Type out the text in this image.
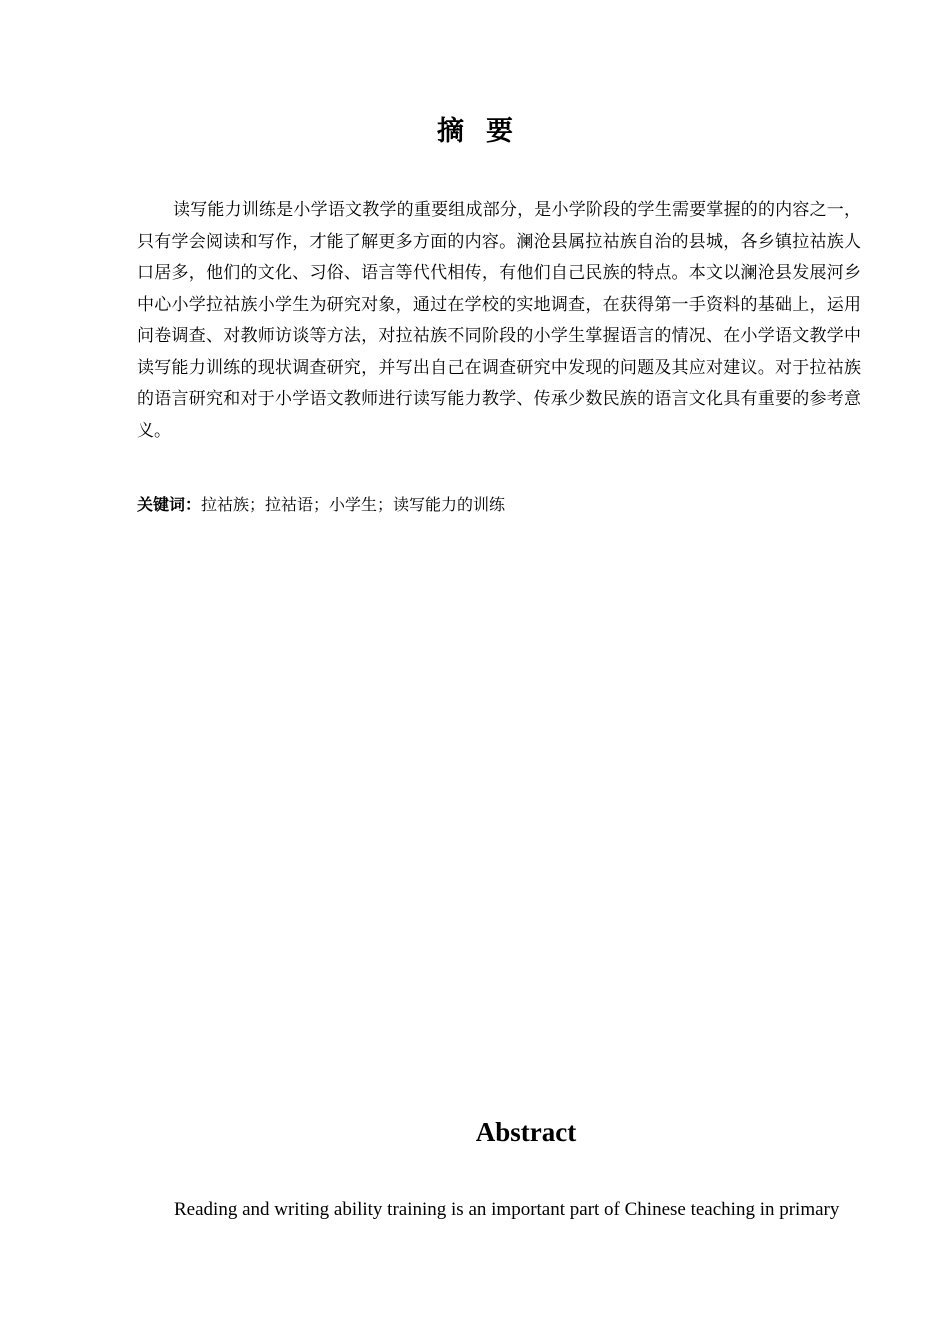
摘要

读写能力训练是小学语文教学的重要组成部分，是小学阶段的学生需要掌握的的内容之一，只有学会阅读和写作，才能了解更多方面的内容。澜沧县属拉祜族自治的县城，各乡镇拉祜族人口居多，他们的文化、习俗、语言等代代相传，有他们自己民族的特点。本文以澜沧县发展河乡中心小学拉祜族小学生为研究对象，通过在学校的实地调查，在获得第一手资料的基础上，运用问卷调查、对教师访谈等方法，对拉祜族不同阶段的小学生掌握语言的情况、在小学语文教学中读写能力训练的现状调查研究，并写出自己在调查研究中发现的问题及其应对建议。对于拉祜族的语言研究和对于小学语文教师进行读写能力教学、传承少数民族的语言文化具有重要的参考意义。

关键词：拉祜族；拉祜语；小学生；读写能力的训练

Abstract

Reading and writing ability training is an important part of Chinese teaching in primary
